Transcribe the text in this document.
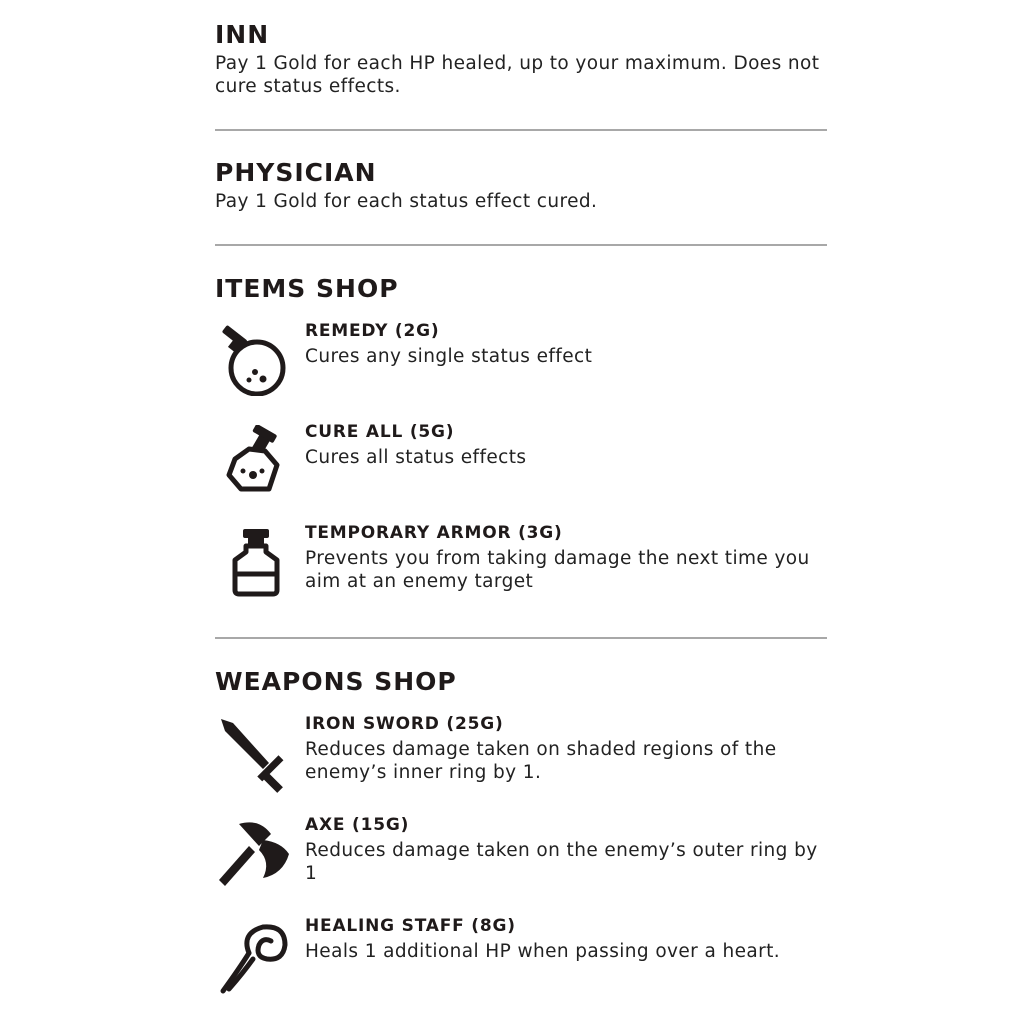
INN

Pay 1 Gold for each HP healed, up to your maximum. Does not cure status effects.

PHYSICIAN

Pay 1 Gold for each status effect cured.

ITEMS SHOP
REMEDY (2G)

Cures any single status effect

CURE ALL (5G)

Cures all status effects

TEMPORARY ARMOR (3G)

Prevents you from taking damage the next time you aim at an enemy target

WEAPONS SHOP
IRON SWORD (25G)

Reduces damage taken on shaded regions of the enemy’s inner ring by 1.

AXE (15G)

Reduces damage taken on the enemy’s outer ring by 1

HEALING STAFF (8G)

Heals 1 additional HP when passing over a heart.
